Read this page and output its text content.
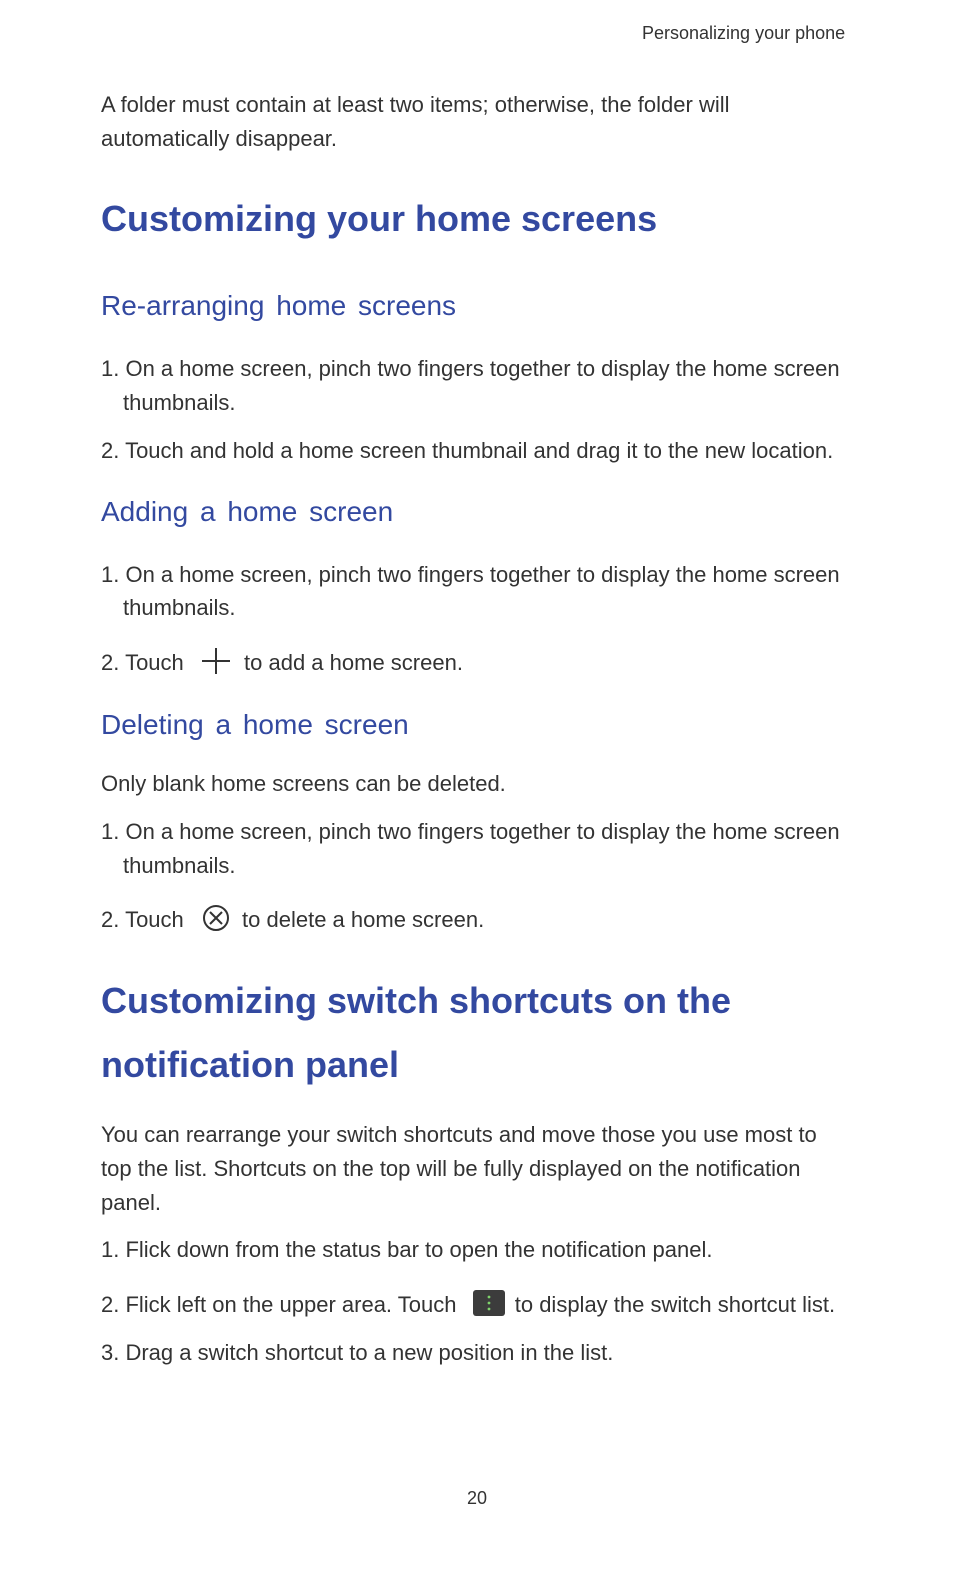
Personalizing your phone
A folder must contain at least two items; otherwise, the folder will
automatically disappear.
Customizing your home screens
Re-arranging home screens
1. On a home screen, pinch two fingers together to display the home screen
thumbnails.
2. Touch and hold a home screen thumbnail and drag it to the new location.
Adding a home screen
1. On a home screen, pinch two fingers together to display the home screen
thumbnails.
2. Touch	to add a home screen.
Deleting a home screen
Only blank home screens can be deleted.
1. On a home screen, pinch two fingers together to display the home screen
thumbnails.
2. Touch	to delete a home screen.
Customizing switch shortcuts on the
notification panel
You can rearrange your switch shortcuts and move those you use most to
top the list. Shortcuts on the top will be fully displayed on the notification
panel.
1. Flick down from the status bar to open the notification panel.
2. Flick left on the upper area. Touch	to display the switch shortcut list.
3. Drag a switch shortcut to a new position in the list.
20
